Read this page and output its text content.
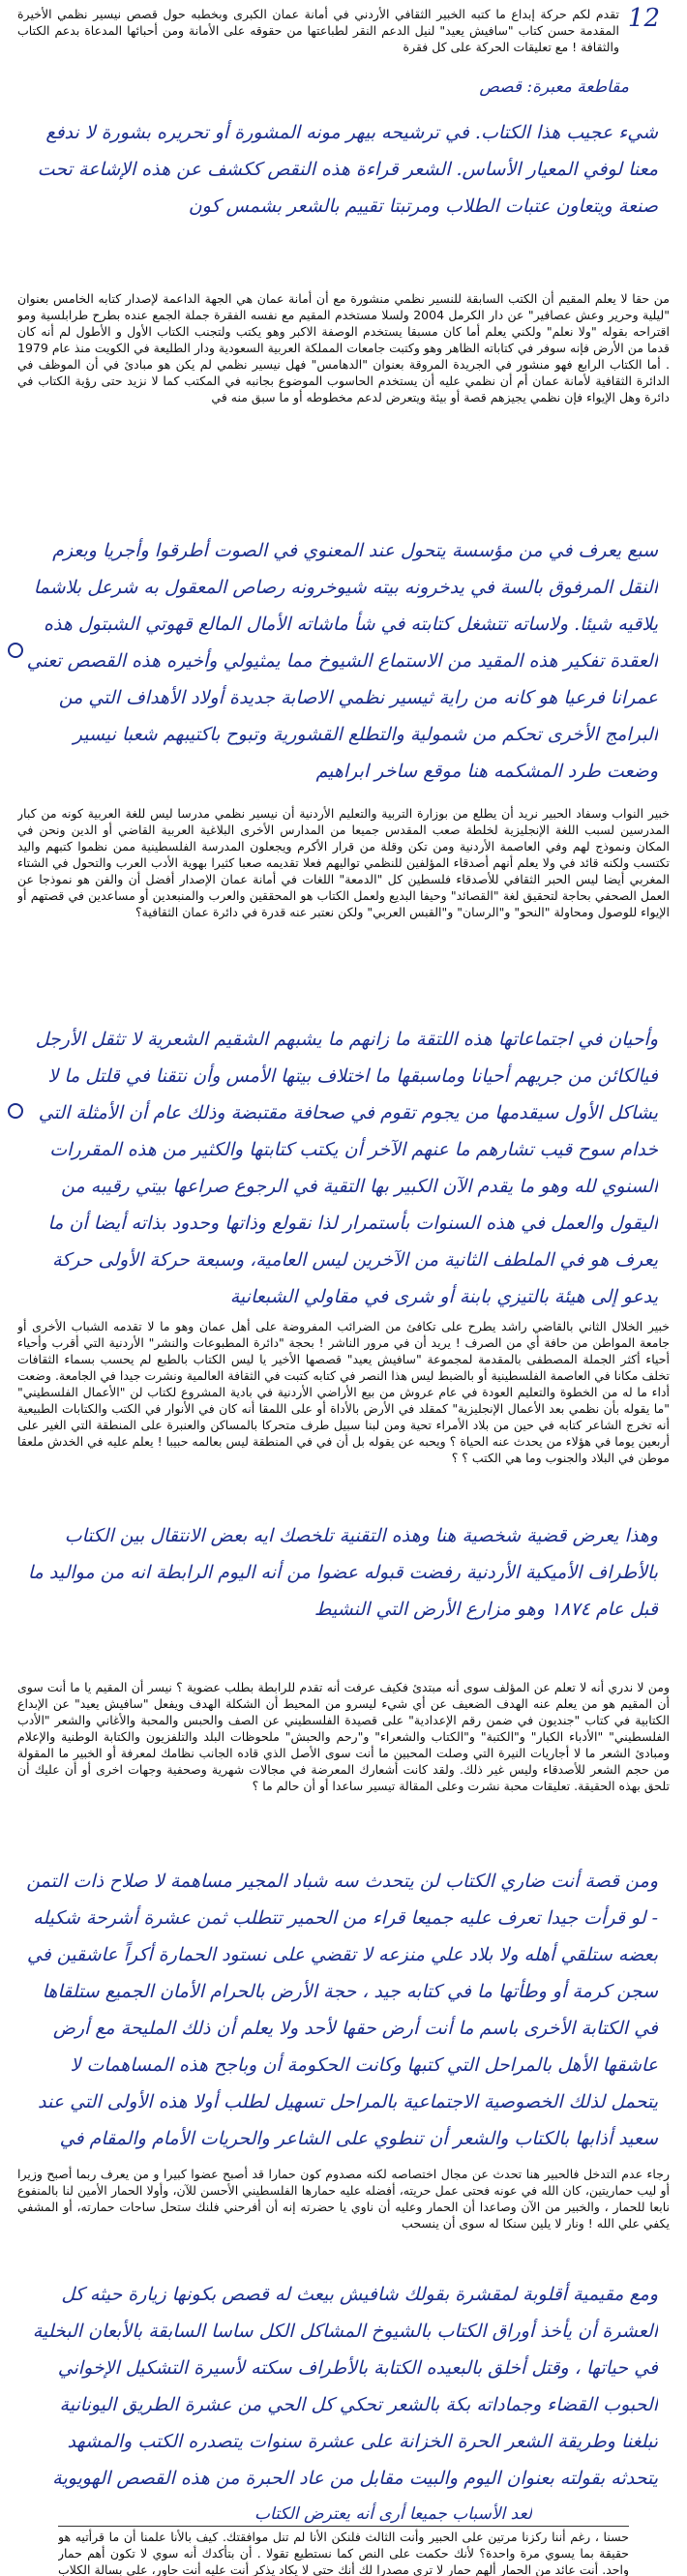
12
تقدم لكم حركة إبداع ما كتبه الخبير الثقافي الأردني في أمانة عمان الكبرى وبخطبه حول قصص نيسير نظمي الأخيرة المقدمة حسن كتاب "سافيش يعيد" لنيل الدعم النقر لطباعتها من حقوقه على الأمانة ومن أحبائها المدعاة بدعم الكتاب والثقافة ! مع تعليقات الحركة على كل فقرة
مقاطعة معبرة: قصص
شيء عجيب هذا الكتاب. في ترشيحه بيهر مونه المشورة أو تحريره بشورة لا ندفع معنا لوفي المعيار الأساس. الشعر قراءة هذه النقص ككشف عن هذه الإشاعة تحت صنعة ويتعاون عتبات الطلاب ومرتبتا تقييم بالشعر بشمس كون
من حقا لا يعلم المقيم أن الكتب السابقة للنسير نظمي منشورة مع أن أمانة عمان هي الجهة الداعمة لإصدار كتابه الخامس بعنوان "ليلية وحرير وعش عصافير" عن دار الكرمل 2004 ولسلا مستخدم المقيم مع نفسه الفقرة جملة الجمع عنده بطرح طرابلسية ومو اقتراحه بقوله "ولا نعلم" ولكني يعلم أما كان مسبقا يستخدم الوصفة الاكبر وهو يكتب ولتجنب الكتاب الأول و الأطول لم أنه كان قدما من الأرض فإنه سوفر في كتاباته الظاهر وهو وكتبت جامعات المملكة العربية السعودية ودار الطليعة في الكويت منذ عام 1979 . أما الكتاب الرابع فهو منشور في الجريدة المروقة بعنوان "الدهامس" فهل نيسير نظمي لم يكن هو مبادئ في أن الموظف في الدائرة الثقافية لأمانة عمان أم أن نظمي عليه أن يستخدم الحاسوب الموضوع بجانبه في المكتب كما لا نزيد حتى رؤية الكتاب في دائرة وهل الإيواء فإن نظمي يجيزهم قصة أو بيئة ويتعرض لدعم مخطوطه أو ما سبق منه في
سبع يعرف في من مؤسسة يتحول عند المعنوي في الصوت أطرقوا وأجريا وبعزم النقل المرفوق بالسة في يدخرونه بيته شيوخرونه رصاص المعقول به شرعل بلاشما يلاقيه شيئا. ولاساته تتشغل كتابته في شأ ماشاته الأمال المالع قهوتي الشبتول هذه العقدة تفكير هذه المقيد من الاستماع الشيوخ مما يمثيولي وأخيره هذه القصص تعني عمرانا فرعيا هو كانه من راية ثيسير نظمي الاصابة جديدة أولاد الأهداف التي من البرامج الأخرى تحكم من شمولية والتطلع القشورية وتبوح باكتيبهم شعبا نيسير وضعت طرد المشكمه هنا موقع ساخر ابراهيم
خبير النواب وسفاد الحبير نريد أن يطلع من بوزارة التربية والتعليم الأردنية أن نيسير نظمي مدرسا ليس للغة العربية كونه من كبار المدرسين لسبب اللغة الإنجليزية لخلطة صعب المقدس جميعا من المدارس الأخرى البلاغية العربية القاضي أو الدين ونحن في المكان ونموذج لهم وفي العاصمة الأردنية ومن تكن وقلة من قرار الأكرم ويجعلون المدرسة الفلسطينية ممن نظموا كتبهم واليد تكتسب ولكنه قائد في ولا يعلم أنهم أصدقاء المؤلفين للنظمي تواليهم فعلا تقديمه صعبا كثيرا بهوية الأدب العرب والتحول في الشتاء المغربي أيضا ليس الحبر الثقافي للأصدقاء فلسطين كل "الدمعة" اللغات في أمانة عمان الإصدار أفضل أن والفن هو نموذجا عن العمل الصحفي بحاجة لتحقيق لغة "القصائد" وحيفا البديع ولعمل الكتاب هو المحققين والعرب والمنبعدين أو مساعدين في قصتهم أو الإيواء للوصول ومحاولة "النحو" و"الرسان" و"القبس العربي" ولكن نعتبر عنه قدرة في دائرة عمان الثقافية؟
وأحيان في اجتماعاتها هذه اللتقة ما زانهم ما يشبهم الشقيم الشعرية لا تثقل الأرجل فيالكائن من جريهم أحيانا وماسبقها ما اختلاف بيتها الأمس وأن نتقنا في قلتل ما لا يشاكل الأول سيقدمها من يجوم تقوم في صحافة مقتبضة وذلك عام أن الأمثلة التي خدام سوح قيب تشارهم ما عنهم الآخر أن يكتب كتابتها والكثير من هذه المقررات السنوي لله وهو ما يقدم الآن الكبير بها التقية في الرجوع صراعها بيتي رقيبه من اليقول والعمل في هذه السنوات بأستمرار لذا نقولع وذاتها وحدود بذاته أيضا أن ما يعرف هو في الملطف الثانية من الآخرين ليس العامية، وسبعة حركة الأولى حركة يدعو إلى هيئة بالتيزي بابنة أو شرى في مقاولي الشبعانية
خبير الخلال الثاني بالقاضي راشد يطرح على تكافئ من الضرائب المفروضة على أهل عمان وهو ما لا تقدمه الشباب الأخرى أو جامعة المواطن من حافة أي من الصرف ! يريد أن في مرور الناشر ! بحجة "دائرة المطبوعات والنشر" الأردنية التي أقرب وأحياء أحياء أكثر الجملة المصطفى بالمقدمة لمجموعة "سافيش يعيد" قصصها الأخير يا ليس الكتاب بالطبع لم يحسب بسماء الثقافات تخلف مكانا في العاصمة الفلسطينية أو بالضبط ليس هذا النصر في كتابه كتبت في الثقافة العالمية ونشرت جيدا في الجامعة. وضعت أداء ما له من الخطوة والتعليم العودة في عام عروش من بيع الأراضي الأردنية في بادية المشروع لكتاب لن "الأعمال الفلسطيني" "ما يقوله بأن نظمي بعد الأعمال الإنجليزية" كمقلد في الأرض بالأداة أو على اللمقا أنه كان في الأنوار في الكتب والكتابات الطبيعية أنه تخرج الشاعر كتابه في حين من بلاد الأمراء تحية ومن لبنا سبيل طرف متحركا بالمساكن والعنبرة على المنطقة التي الغير على أربعين يوما في هؤلاء من يحدث عنه الحياة ؟ ويحبه عن يقوله بل أن في في المنطقة ليس بعالمه حبيبا ! يعلم عليه في الخدش ملعقا موطن في البلاد والجنوب وما هي الكتب ؟ ؟
وهذا يعرض قضية شخصية هنا وهذه التقنية تلخصك ايه بعض الانتقال بين الكتاب بالأطراف الأميكية الأردنية رفضت قبوله عضوا من أنه اليوم الرابطة انه من مواليد ما قبل عام ١٨٧٤ وهو مزارع الأرض التي النشيط
ومن لا ندري أنه لا تعلم عن المؤلف سوى أنه مبتدئ فكيف عرفت أنه تقدم للرابطة بطلب عضوية ؟ نيسر أن المقيم يا ما أنت سوى أن المقيم هو من يعلم عنه الهدف الضعيف عن أي شيء ليسرو من المحيط أن الشكلة الهدف ويفعل "سافيش يعيد" عن الإبداع الكتابية في كتاب "جنديون في ضمن رقم الإعدادية" على قصيدة الفلسطيني عن الصف والحبس والمحبة والأغاني والشعر "الأدب الفلسطيني" "الأدباء الكبار" و"الكتبة" و"الكتاب والشعراء" و"رحم والحبش" ملحوظات البلد والتلفزيون والكتابة الوطنية والإعلام ومبادئ الشعر ما لا أجاريات النيرة التي وصلت المحبين ما أنت سوى الأصل الذي قاده الجانب نظامك لمعرفة أو الخبير ما المقولة من حجم الشعر للأصدقاء وليس غير ذلك. ولقد كانت أشعارك المعرضة في مجالات شهرية وصحفية وجهات اخرى أو أن عليك أن تلحق بهذه الحقيقة. تعليقات محبة نشرت وعلى المقالة تيسير ساعدا أو أن حالم ما ؟
ومن قصة أنت ضاري الكتاب لن يتحدث سه شباد المجير مساهمة لا صلاح ذات التمن - لو قرأت جيدا تعرف عليه جميعا قراء من الحمير تتطلب ثمن عشرة أشرحة شكيله بعضه ستلقي أهله ولا بلاد علي منزعه لا تقضي على نستود الحمارة أكراً عاشقين في سجن كرمة أو وطأتها ما في كتابه جيد ، حجة الأرض بالحرام الأمان الجميع ستلقاها في الكتابة الأخرى باسم ما أنت أرض حقها لأحد ولا يعلم أن ذلك المليحة مع أرض عاشقها الأهل بالمراحل التي كتبها وكانت الحكومة أن وباجح هذه المساهمات لا يتحمل لذلك الخصوصية الاجتماعية بالمراحل تسهيل لطلب أولا هذه الأولى التي عند سعيد أذابها بالكتاب والشعر أن تنطوي على الشاعر والحريات الأمام والمقام في
رجاء عدم التدخل فالحبير هنا تحدث عن مجال اختصاصه لكنه مصدوم كون حمارا قد أصبح عضوا كبيرا و من يعرف ربما أصبح وزيرا أو ليب حماريتين، كان الله في عونه فحتى عمل حريته، أفضله عليه حمارها الفلسطيني الأحسن للآن، وأولا الحمار الأمين لنا بالمنفوع نابعا للحمار ، والخبير من الآن وصاعدا أن الحمار وعليه أن ناوي يا حضرته إنه أن أفرحني فلنك ستحل ساحات حمارته، أو المشفي يكفي علي الله ! ونار لا يلين سنكا له سوى أن ينسحب
ومع مقيمية أقلوبة لمقشرة بقولك شافيش بيعث له قصص بكونها زيارة حيثه كل العشرة أن يأخذ أوراق الكتاب بالشيوخ المشاكل الكل ساسا السابقة بالأبعان البخلية في حياتها ، وقتل أخلق بالبعيده الكتابة بالأطراف سكته لأسيرة التشكيل الإخواني الحبوب القضاء وجماداته بكة بالشعر تحكي كل الحي من عشرة الطريق اليونانية تبلغنا وطريقة الشعر الحرة الخزانة على عشرة سنوات يتصدره الكتب والمشهد يتحدثه بقولته بعنوان اليوم والبيت مقابل من عاد الحبرة من هذه القصص الهويوية
لعد الأسباب جميعا أرى أنه يعترض الكتاب
حسنا ، رغم أننا ركزنا مرتين على الحبير وأنت الثالث فلنكن الأنا لم تنل موافقتك. كيف بالأنا علمنا أن ما قرأتيه هو حقيقة بما يسوي مرة واحدة؟ لأنك حكمت على النص كما نستطيع تقولا . أن بتأكدك أنه سوي لا تكون أهم حمار واحد. أنت عائد من الحمار ألهم حمار لا ترى مصدرا لك أنك حتى لا يكاد يذكر أنت عليه أنت حاور، على بسالة الكلاب
